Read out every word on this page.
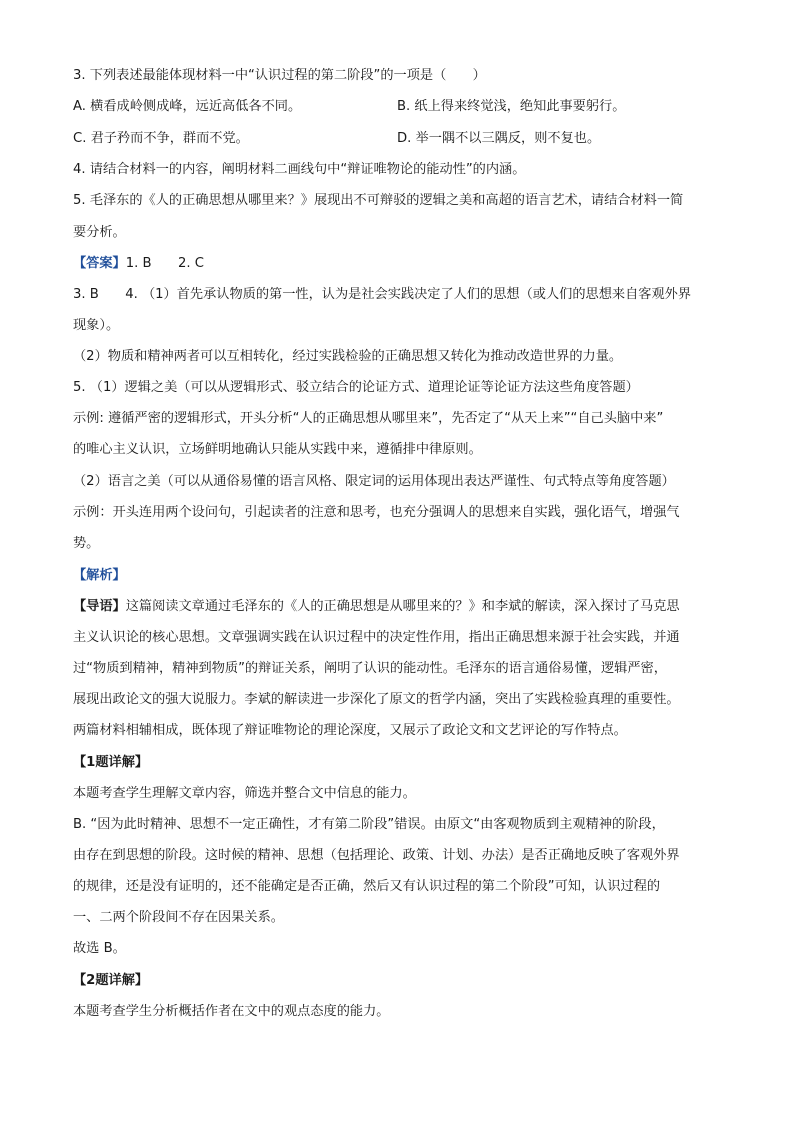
3. 下列表述最能体现材料一中“认识过程的第二阶段”的一项是（　　）
A. 横看成岭侧成峰，远近高低各不同。	B. 纸上得来终觉浅，绝知此事要躬行。
C. 君子矜而不争，群而不党。	D. 举一隅不以三隅反，则不复也。
4. 请结合材料一的内容，阐明材料二画线句中“辩证唯物论的能动性”的内涵。
5. 毛泽东的《人的正确思想从哪里来？》展现出不可辩驳的逻辑之美和高超的语言艺术，请结合材料一简
要分析。
【答案】1. B　　2. C
3. B　　4. （1）首先承认物质的第一性，认为是社会实践决定了人们的思想（或人们的思想来自客观外界
现象）。
（2）物质和精神两者可以互相转化，经过实践检验的正确思想又转化为推动改造世界的力量。
5. （1）逻辑之美（可以从逻辑形式、驳立结合的论证方式、道理论证等论证方法这些角度答题）
示例: 遵循严密的逻辑形式，开头分析“人的正确思想从哪里来”，先否定了“从天上来”“自己头脑中来”
的唯心主义认识，立场鲜明地确认只能从实践中来，遵循排中律原则。
（2）语言之美（可以从通俗易懂的语言风格、限定词的运用体现出表达严谨性、句式特点等角度答题）
示例：开头连用两个设问句，引起读者的注意和思考，也充分强调人的思想来自实践，强化语气，增强气
势。
【解析】
【导语】这篇阅读文章通过毛泽东的《人的正确思想是从哪里来的？》和李斌的解读，深入探讨了马克思
主义认识论的核心思想。文章强调实践在认识过程中的决定性作用，指出正确思想来源于社会实践，并通
过“物质到精神，精神到物质”的辩证关系，阐明了认识的能动性。毛泽东的语言通俗易懂，逻辑严密，
展现出政论文的强大说服力。李斌的解读进一步深化了原文的哲学内涵，突出了实践检验真理的重要性。
两篇材料相辅相成，既体现了辩证唯物论的理论深度，又展示了政论文和文艺评论的写作特点。
【1题详解】
本题考查学生理解文章内容，筛选并整合文中信息的能力。
B. “因为此时精神、思想不一定正确性，才有第二阶段”错误。由原文“由客观物质到主观精神的阶段，
由存在到思想的阶段。这时候的精神、思想（包括理论、政策、计划、办法）是否正确地反映了客观外界
的规律，还是没有证明的，还不能确定是否正确，然后又有认识过程的第二个阶段”可知，认识过程的
一、二两个阶段间不存在因果关系。
故选 B。
【2题详解】
本题考查学生分析概括作者在文中的观点态度的能力。
